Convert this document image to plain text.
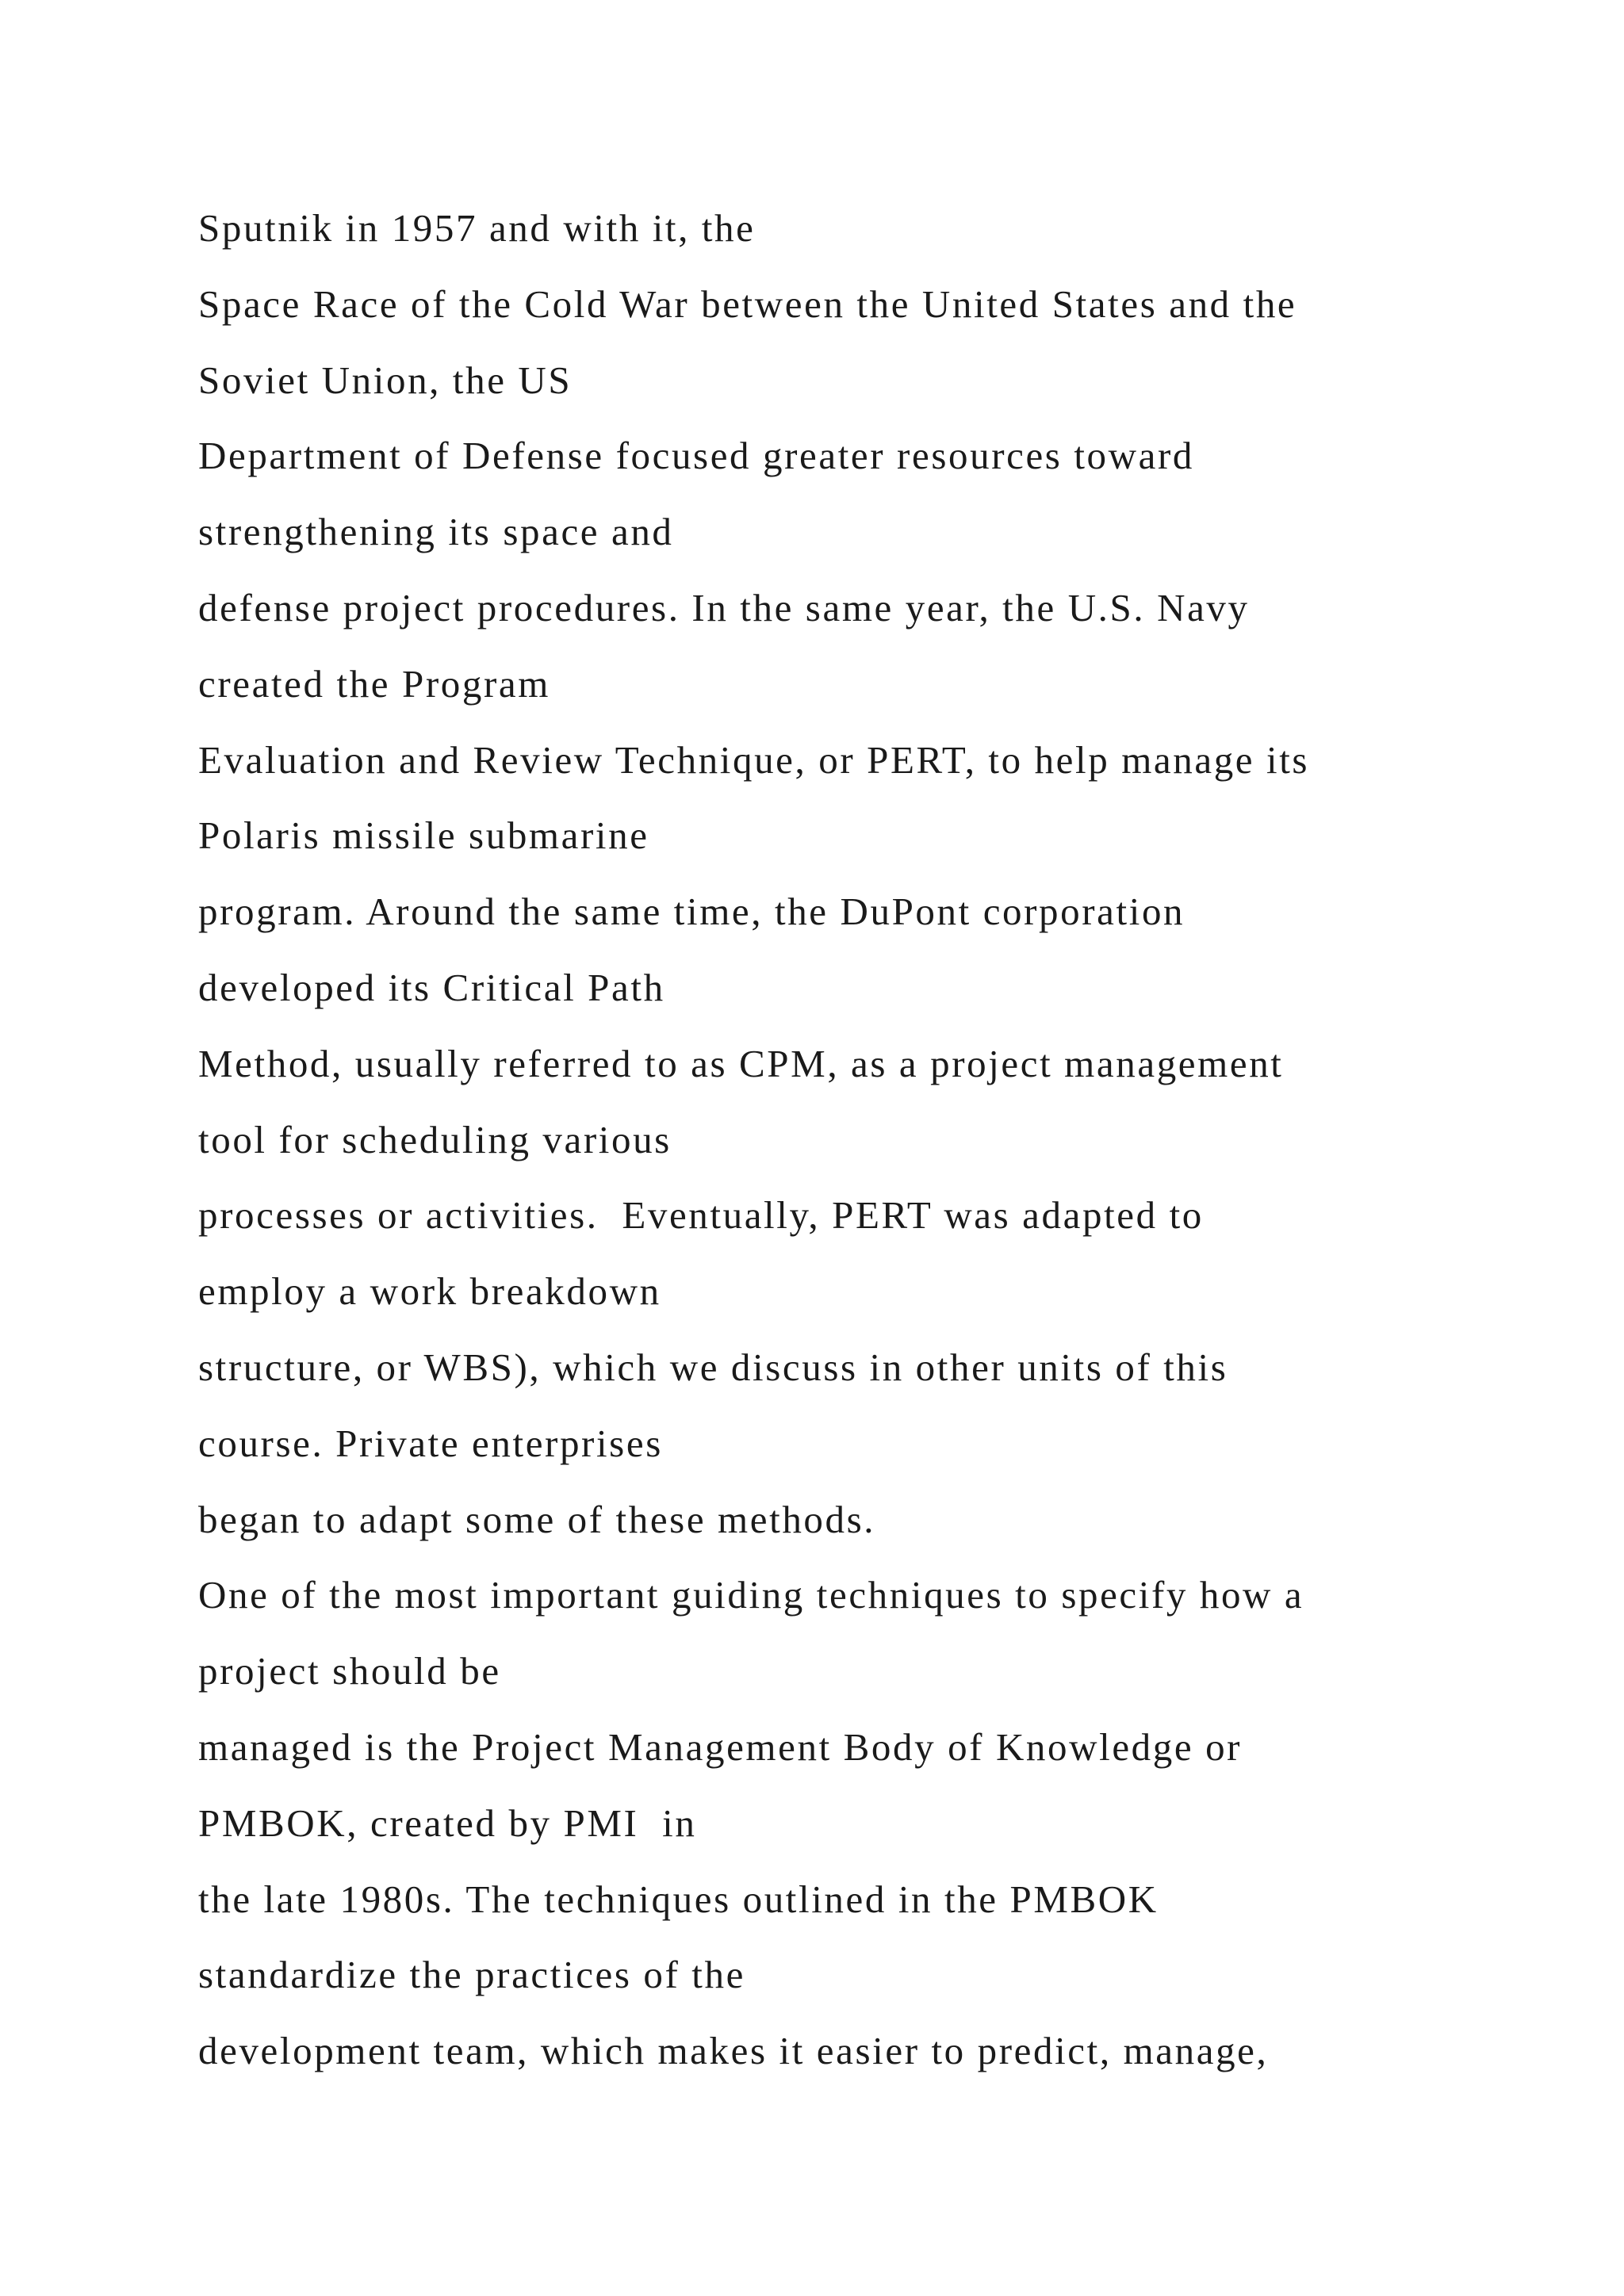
Sputnik in 1957 and with it, the
Space Race of the Cold War between the United States and the
Soviet Union, the US
Department of Defense focused greater resources toward
strengthening its space and
defense project procedures. In the same year, the U.S. Navy
created the Program
Evaluation and Review Technique, or PERT, to help manage its
Polaris missile submarine
program. Around the same time, the DuPont corporation
developed its Critical Path
Method, usually referred to as CPM, as a project management
tool for scheduling various
processes or activities.  Eventually, PERT was adapted to
employ a work breakdown
structure, or WBS), which we discuss in other units of this
course. Private enterprises
began to adapt some of these methods.
One of the most important guiding techniques to specify how a
project should be
managed is the Project Management Body of Knowledge or
PMBOK, created by PMI  in
the late 1980s. The techniques outlined in the PMBOK
standardize the practices of the
development team, which makes it easier to predict, manage,
